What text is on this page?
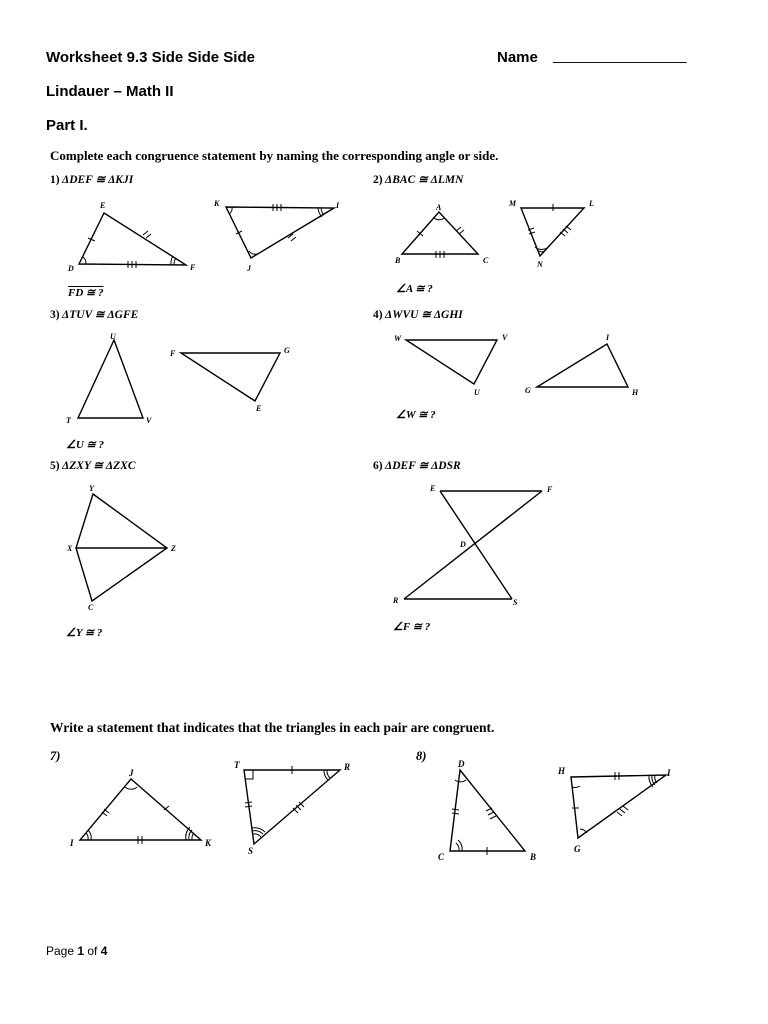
Worksheet 9.3 Side Side Side	Name ________________
Lindauer – Math II
Part I.
Complete each congruence statement by naming the corresponding angle or side.
1) ΔDEF ≅ ΔKJI	2) ΔBAC ≅ ΔLMN
3) ΔTUV ≅ ΔGFE	4) ΔWVU ≅ ΔGHI
5) ΔZXY ≅ ΔZXC	6) ΔDEF ≅ ΔDSR
FD ≅ ?	∠A ≅ ?
∠U ≅ ?
∠W ≅ ?
∠Y ≅ ?	∠F ≅ ?
Write a statement that indicates that the triangles in each pair are congruent.
7)	8)
E
D	F
K	I
J
A
B	C
M	L
N
U
T	V
F	G
E
W	V
U
I
G	H
Y
X	Z
C
E	F
D
R	S
J
I	K
T	R
S
D
C	B
H	I
G
Page 1 of 4
